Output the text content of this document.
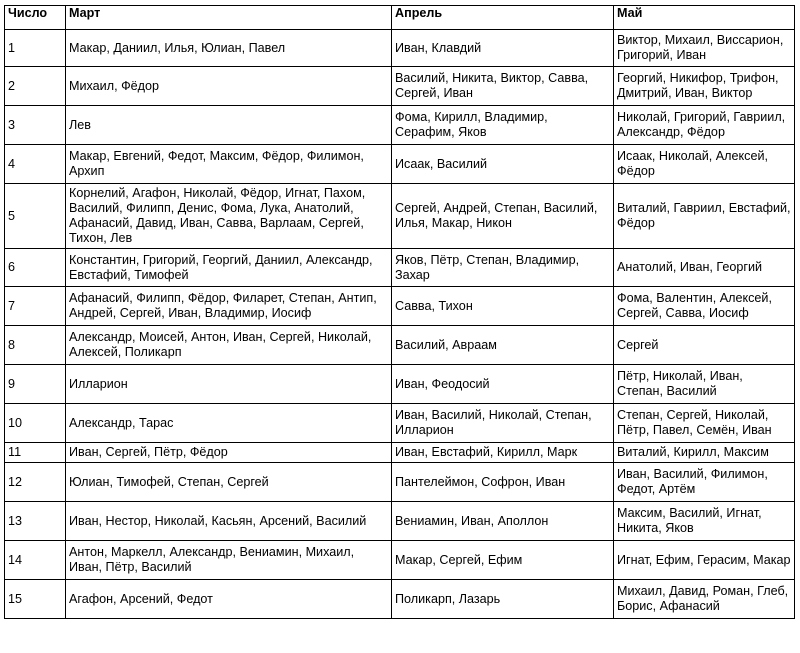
Число	Март	Апрель	Май
1	Макар, Даниил, Илья, Юлиан, Павел	Иван, Клавдий	Виктор, Михаил, Виссарион, Григорий, Иван
2	Михаил, Фёдор	Василий, Никита, Виктор, Савва, Сергей, Иван	Георгий, Никифор, Трифон, Дмитрий, Иван, Виктор
3	Лев	Фома, Кирилл, Владимир, Серафим, Яков	Николай, Григорий, Гавриил, Александр, Фёдор
4	Макар, Евгений, Федот, Максим, Фёдор, Филимон, Архип	Исаак, Василий	Исаак, Николай, Алексей, Фёдор
5	Корнелий, Агафон, Николай, Фёдор, Игнат, Пахом, Василий, Филипп, Денис, Фома, Лука, Анатолий, Афанасий, Давид, Иван, Савва, Варлаам, Сергей, Тихон, Лев	Сергей, Андрей, Степан, Василий, Илья, Макар, Никон	Виталий, Гавриил, Евстафий, Фёдор
6	Константин, Григорий, Георгий, Даниил, Александр, Евстафий, Тимофей	Яков, Пётр, Степан, Владимир, Захар	Анатолий, Иван, Георгий
7	Афанасий, Филипп, Фёдор, Филарет, Степан, Антип, Андрей, Сергей, Иван, Владимир, Иосиф	Савва, Тихон	Фома, Валентин, Алексей, Сергей, Савва, Иосиф
8	Александр, Моисей, Антон, Иван, Сергей, Николай, Алексей, Поликарп	Василий, Авраам	Сергей
9	Илларион	Иван, Феодосий	Пётр, Николай, Иван, Степан, Василий
10	Александр, Тарас	Иван, Василий, Николай, Степан, Илларион	Степан, Сергей, Николай, Пётр, Павел, Семён, Иван
11	Иван, Сергей, Пётр, Фёдор	Иван, Евстафий, Кирилл, Марк	Виталий, Кирилл, Максим
12	Юлиан, Тимофей, Степан, Сергей	Пантелеймон, Софрон, Иван	Иван, Василий, Филимон, Федот, Артём
13	Иван, Нестор, Николай, Касьян, Арсений, Василий	Вениамин, Иван, Аполлон	Максим, Василий, Игнат, Никита, Яков
14	Антон, Маркелл, Александр, Вениамин, Михаил, Иван, Пётр, Василий	Макар, Сергей, Ефим	Игнат, Ефим, Герасим, Макар
15	Агафон, Арсений, Федот	Поликарп, Лазарь	Михаил, Давид, Роман, Глеб, Борис, Афанасий
